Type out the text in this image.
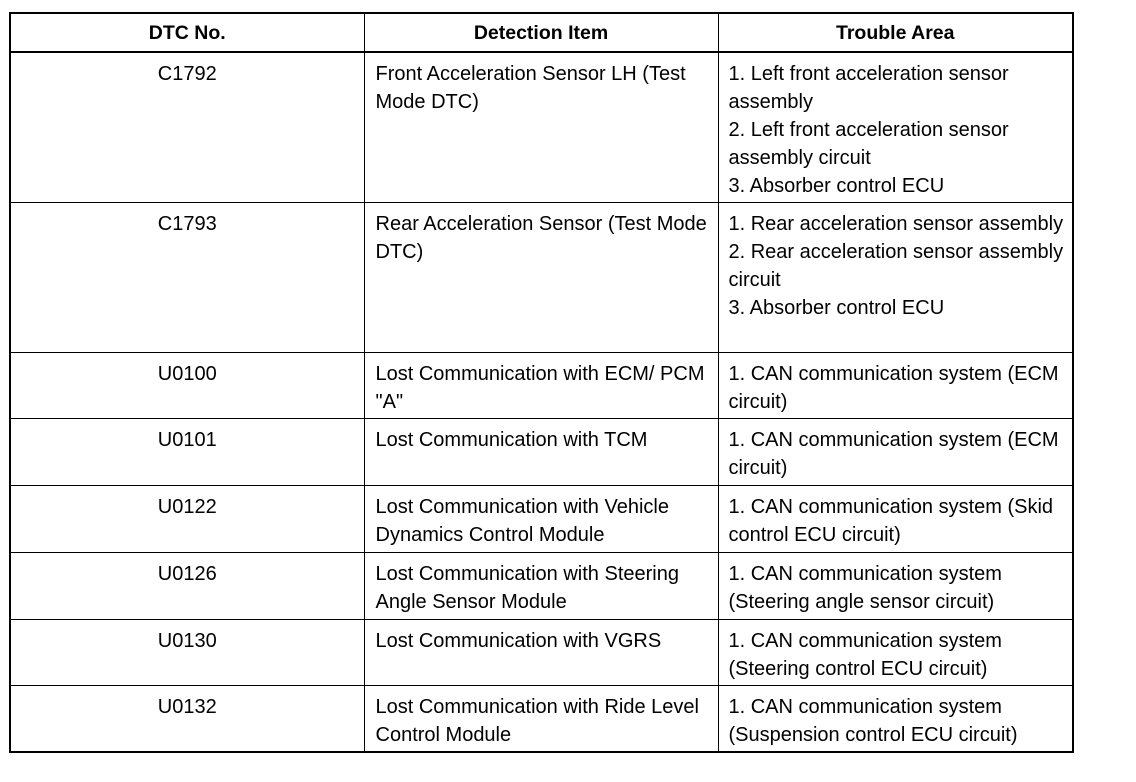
DTC No.	Detection Item	Trouble Area
C1792	Front Acceleration Sensor LH (Test Mode DTC)	1. Left front acceleration sensor assembly
2. Left front acceleration sensor assembly circuit
3. Absorber control ECU

C1793	Rear Acceleration Sensor (Test Mode DTC)	1. Rear acceleration sensor assembly
2. Rear acceleration sensor assembly circuit
3. Absorber control ECU

U0100	Lost Communication with ECM/ PCM "A"	1. CAN communication system (ECM circuit)

U0101	Lost Communication with TCM	1. CAN communication system (ECM circuit)

U0122	Lost Communication with Vehicle Dynamics Control Module	1. CAN communication system (Skid control ECU circuit)

U0126	Lost Communication with Steering Angle Sensor Module	1. CAN communication system (Steering angle sensor circuit)

U0130	Lost Communication with VGRS	1. CAN communication system (Steering control ECU circuit)

U0132	Lost Communication with Ride Level Control Module	1. CAN communication system (Suspension control ECU circuit)
